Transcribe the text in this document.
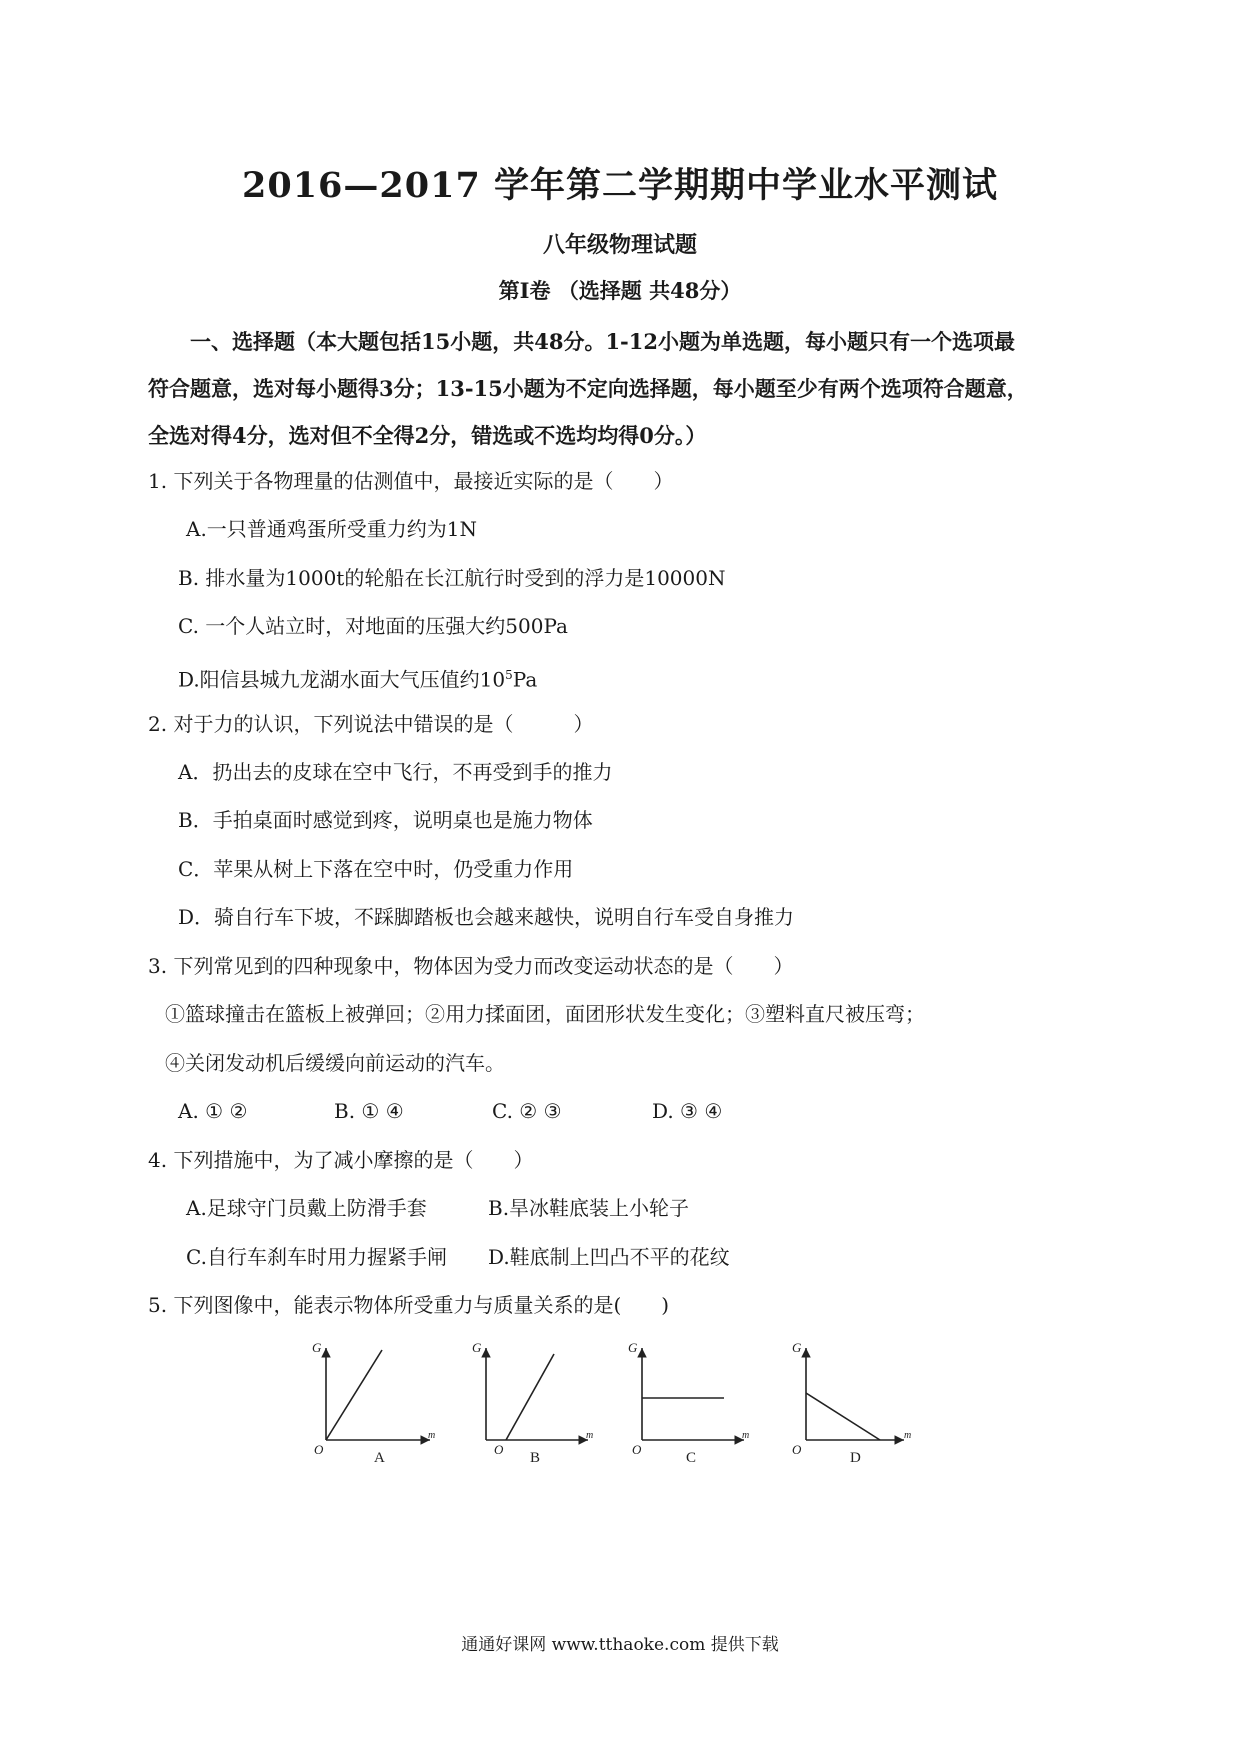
2016—2017 学年第二学期期中学业水平测试
八年级物理试题
第Ⅰ卷 （选择题 共48分）
一、选择题（本大题包括15小题，共48分。1-12小题为单选题，每小题只有一个选项最
符合题意，选对每小题得3分；13-15小题为不定向选择题，每小题至少有两个选项符合题意，
全选对得4分，选对但不全得2分，错选或不选均均得0分。）
1. 下列关于各物理量的估测值中，最接近实际的是（　　）
A.一只普通鸡蛋所受重力约为1N
B. 排水量为1000t的轮船在长江航行时受到的浮力是10000N
C. 一个人站立时，对地面的压强大约500Pa
D.阳信县城九龙湖水面大气压值约$10^5Pa$
2. 对于力的认识，下列说法中错误的是（　　　）
A．扔出去的皮球在空中飞行，不再受到手的推力
B．手拍桌面时感觉到疼，说明桌也是施力物体
C．苹果从树上下落在空中时，仍受重力作用
D．骑自行车下坡，不踩脚踏板也会越来越快，说明自行车受自身推力
3. 下列常见到的四种现象中，物体因为受力而改变运动状态的是（　　）
①篮球撞击在篮板上被弹回；②用力揉面团，面团形状发生变化；③塑料直尺被压弯；
④关闭发动机后缓缓向前运动的汽车。
A. ① ②	B. ① ④	C. ② ③	D. ③ ④
4. 下列措施中，为了减小摩擦的是（　　）
A.足球守门员戴上防滑手套	B.旱冰鞋底装上小轮子
C.自行车刹车时用力握紧手闸 D.鞋底制上凹凸不平的花纹
5. 下列图像中，能表示物体所受重力与质量关系的是(　　)
G
m
O
A
G
m
O
B
G
m
O
C
G
m
O
D
通通好课网 www.tthaoke.com 提供下载
